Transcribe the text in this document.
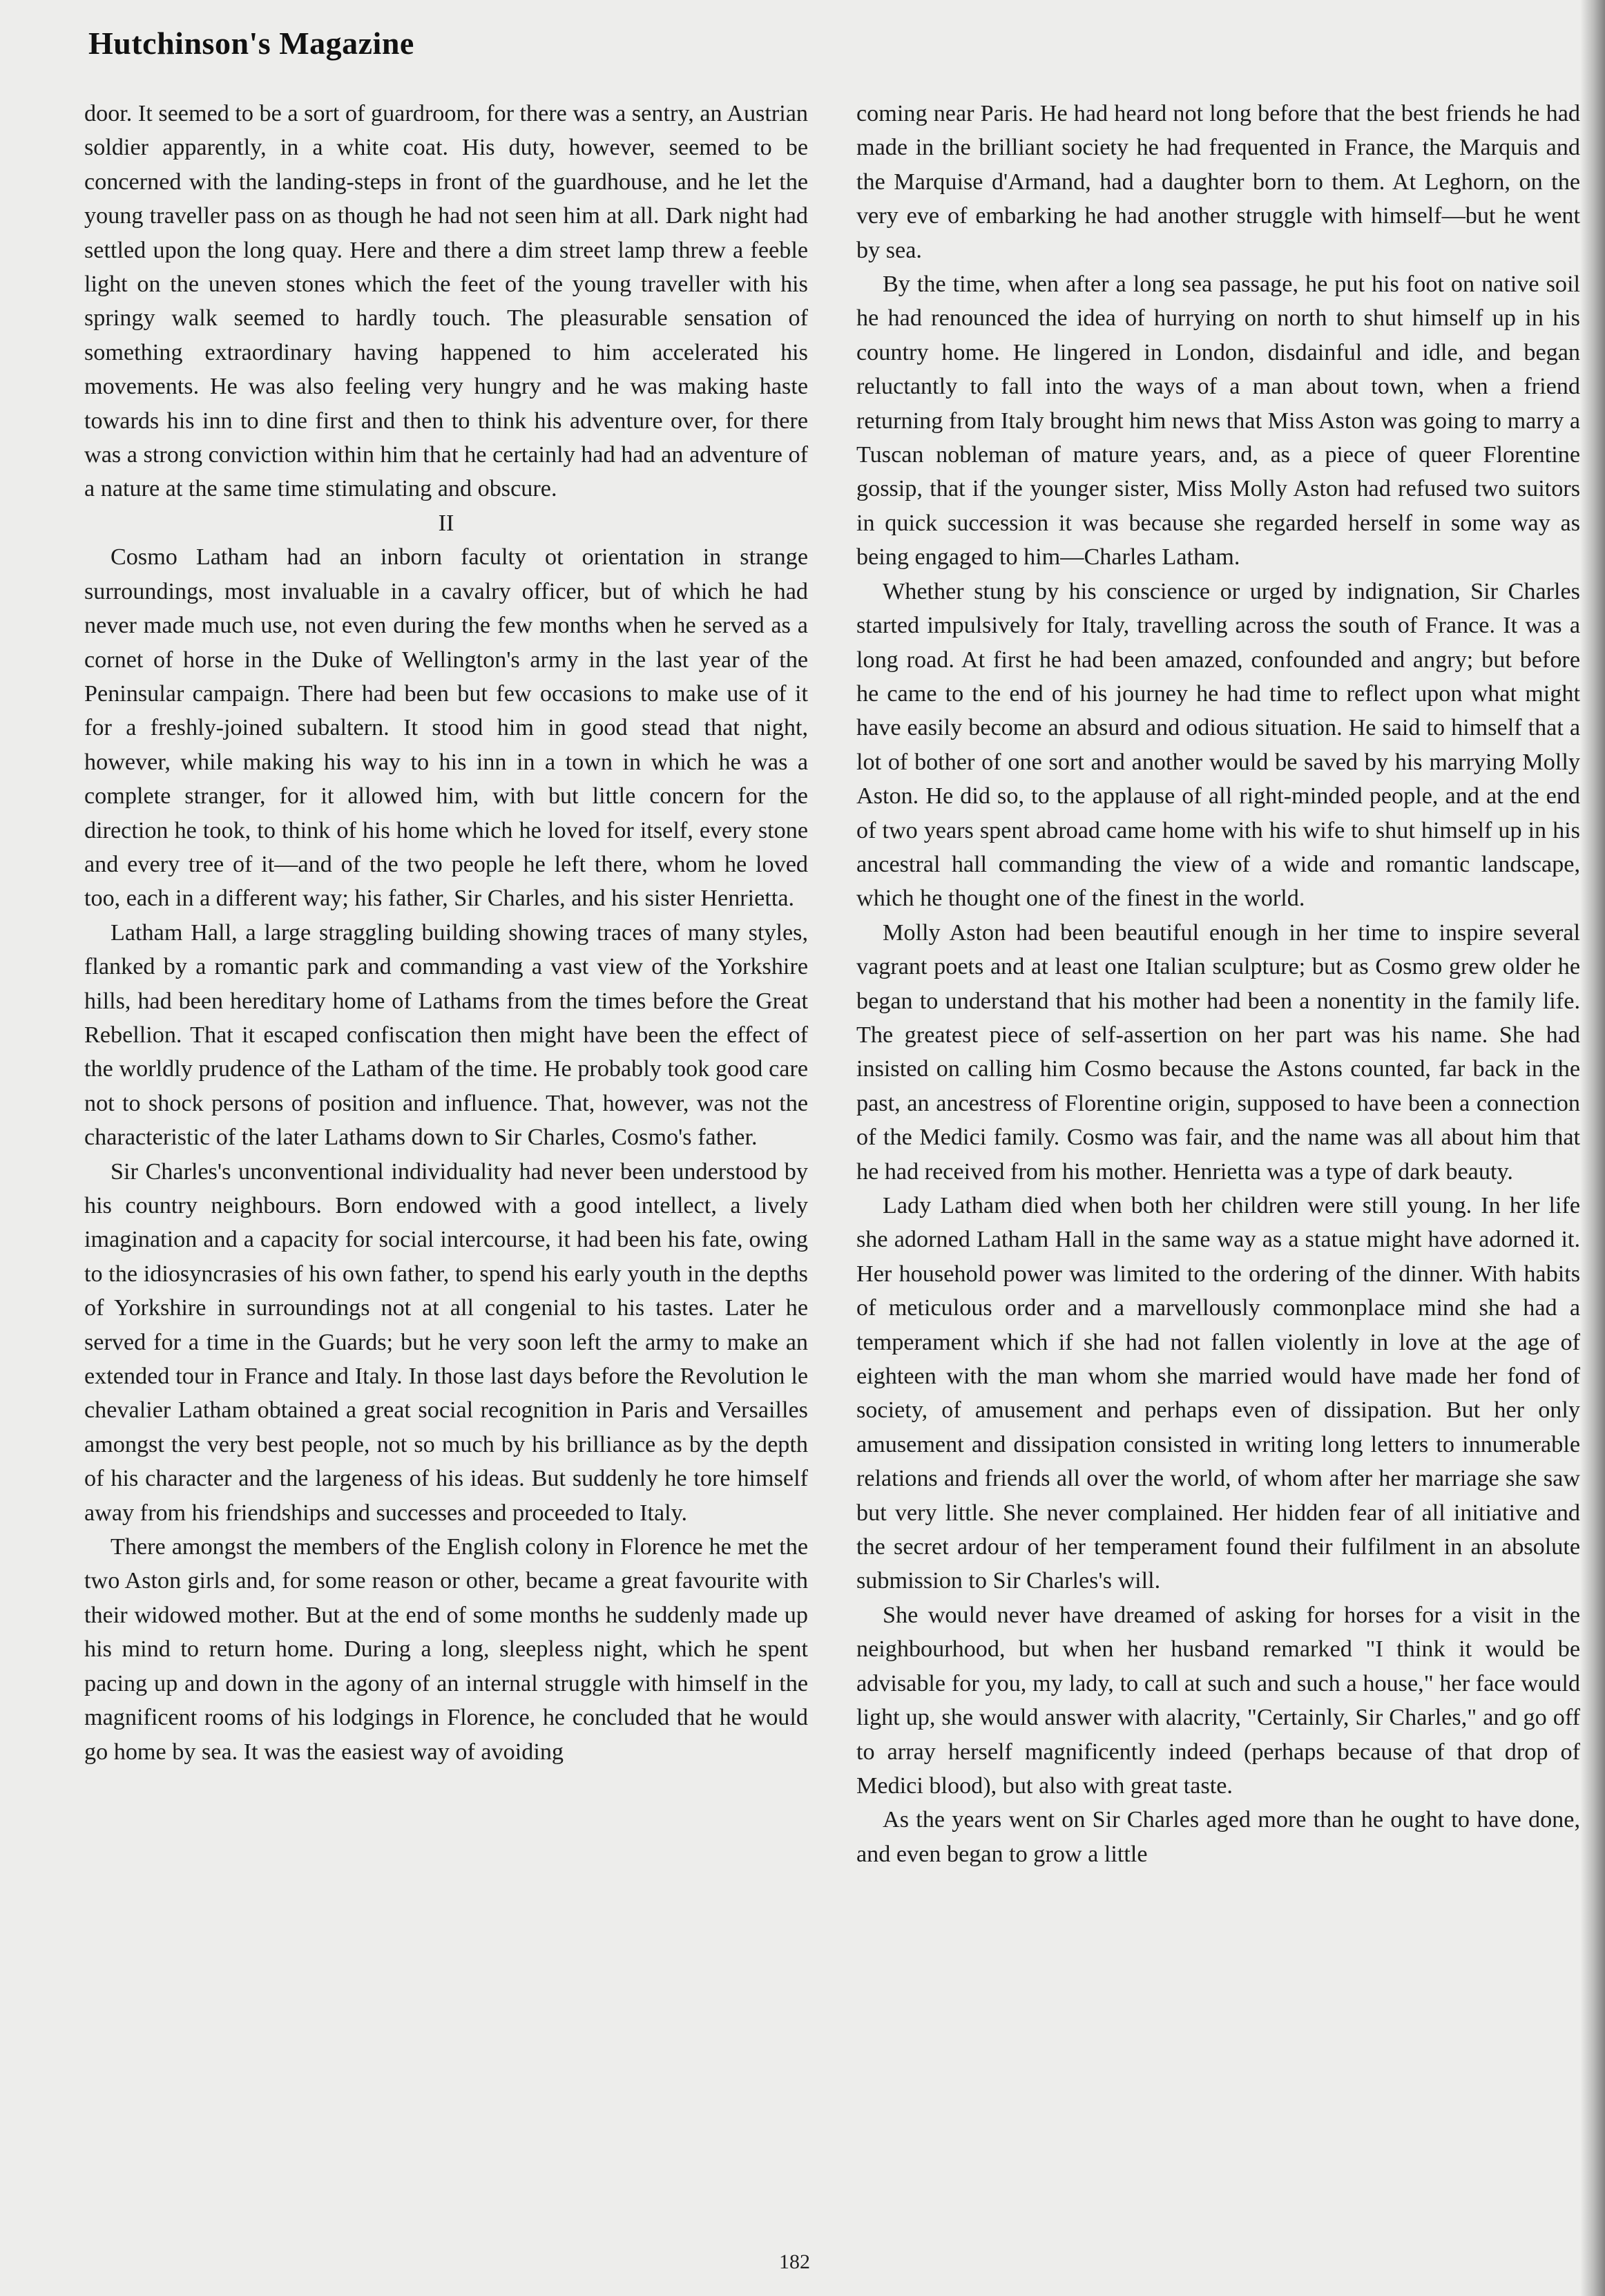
Hutchinson's Magazine

door. It seemed to be a sort of guardroom, for there was a sentry, an Austrian soldier apparently, in a white coat. His duty, however, seemed to be concerned with the landing-steps in front of the guardhouse, and he let the young traveller pass on as though he had not seen him at all. Dark night had settled upon the long quay. Here and there a dim street lamp threw a feeble light on the uneven stones which the feet of the young traveller with his springy walk seemed to hardly touch. The pleasurable sensation of something extraordinary having happened to him accelerated his movements. He was also feeling very hungry and he was making haste towards his inn to dine first and then to think his adventure over, for there was a strong conviction within him that he certainly had had an adventure of a nature at the same time stimulating and obscure.

II

Cosmo Latham had an inborn faculty ot orientation in strange surroundings, most invaluable in a cavalry officer, but of which he had never made much use, not even during the few months when he served as a cornet of horse in the Duke of Wellington's army in the last year of the Peninsular campaign. There had been but few occasions to make use of it for a freshly-joined subaltern. It stood him in good stead that night, however, while making his way to his inn in a town in which he was a complete stranger, for it allowed him, with but little concern for the direction he took, to think of his home which he loved for itself, every stone and every tree of it—and of the two people he left there, whom he loved too, each in a different way; his father, Sir Charles, and his sister Henrietta.

Latham Hall, a large straggling building showing traces of many styles, flanked by a romantic park and commanding a vast view of the Yorkshire hills, had been hereditary home of Lathams from the times before the Great Rebellion. That it escaped confiscation then might have been the effect of the worldly prudence of the Latham of the time. He probably took good care not to shock persons of position and influence. That, however, was not the characteristic of the later Lathams down to Sir Charles, Cosmo's father.

Sir Charles's unconventional individuality had never been understood by his country neighbours. Born endowed with a good intellect, a lively imagination and a capacity for social intercourse, it had been his fate, owing to the idiosyncrasies of his own father, to spend his early youth in the depths of Yorkshire in surroundings not at all congenial to his tastes. Later he served for a time in the Guards; but he very soon left the army to make an extended tour in France and Italy. In those last days before the Revolution le chevalier Latham obtained a great social recognition in Paris and Versailles amongst the very best people, not so much by his brilliance as by the depth of his character and the largeness of his ideas. But suddenly he tore himself away from his friendships and successes and proceeded to Italy.

There amongst the members of the English colony in Florence he met the two Aston girls and, for some reason or other, became a great favourite with their widowed mother. But at the end of some months he suddenly made up his mind to return home. During a long, sleepless night, which he spent pacing up and down in the agony of an internal struggle with himself in the magnificent rooms of his lodgings in Florence, he concluded that he would go home by sea. It was the easiest way of avoiding

coming near Paris. He had heard not long before that the best friends he had made in the brilliant society he had frequented in France, the Marquis and the Marquise d'Armand, had a daughter born to them. At Leghorn, on the very eve of embarking he had another struggle with himself—but he went by sea.

By the time, when after a long sea passage, he put his foot on native soil he had renounced the idea of hurrying on north to shut himself up in his country home. He lingered in London, disdainful and idle, and began reluctantly to fall into the ways of a man about town, when a friend returning from Italy brought him news that Miss Aston was going to marry a Tuscan nobleman of mature years, and, as a piece of queer Florentine gossip, that if the younger sister, Miss Molly Aston had refused two suitors in quick succession it was because she regarded herself in some way as being engaged to him—Charles Latham.

Whether stung by his conscience or urged by indignation, Sir Charles started impulsively for Italy, travelling across the south of France. It was a long road. At first he had been amazed, confounded and angry; but before he came to the end of his journey he had time to reflect upon what might have easily become an absurd and odious situation. He said to himself that a lot of bother of one sort and another would be saved by his marrying Molly Aston. He did so, to the applause of all right-minded people, and at the end of two years spent abroad came home with his wife to shut himself up in his ancestral hall commanding the view of a wide and romantic landscape, which he thought one of the finest in the world.

Molly Aston had been beautiful enough in her time to inspire several vagrant poets and at least one Italian sculpture; but as Cosmo grew older he began to understand that his mother had been a nonentity in the family life. The greatest piece of self-assertion on her part was his name. She had insisted on calling him Cosmo because the Astons counted, far back in the past, an ancestress of Florentine origin, supposed to have been a connection of the Medici family. Cosmo was fair, and the name was all about him that he had received from his mother. Henrietta was a type of dark beauty.

Lady Latham died when both her children were still young. In her life she adorned Latham Hall in the same way as a statue might have adorned it. Her household power was limited to the ordering of the dinner. With habits of meticulous order and a marvellously commonplace mind she had a temperament which if she had not fallen violently in love at the age of eighteen with the man whom she married would have made her fond of society, of amusement and perhaps even of dissipation. But her only amusement and dissipation consisted in writing long letters to innumerable relations and friends all over the world, of whom after her marriage she saw but very little. She never complained. Her hidden fear of all initiative and the secret ardour of her temperament found their fulfilment in an absolute submission to Sir Charles's will.

She would never have dreamed of asking for horses for a visit in the neighbourhood, but when her husband remarked "I think it would be advisable for you, my lady, to call at such and such a house," her face would light up, she would answer with alacrity, "Certainly, Sir Charles," and go off to array herself magnificently indeed (perhaps because of that drop of Medici blood), but also with great taste.

As the years went on Sir Charles aged more than he ought to have done, and even began to grow a little

182
